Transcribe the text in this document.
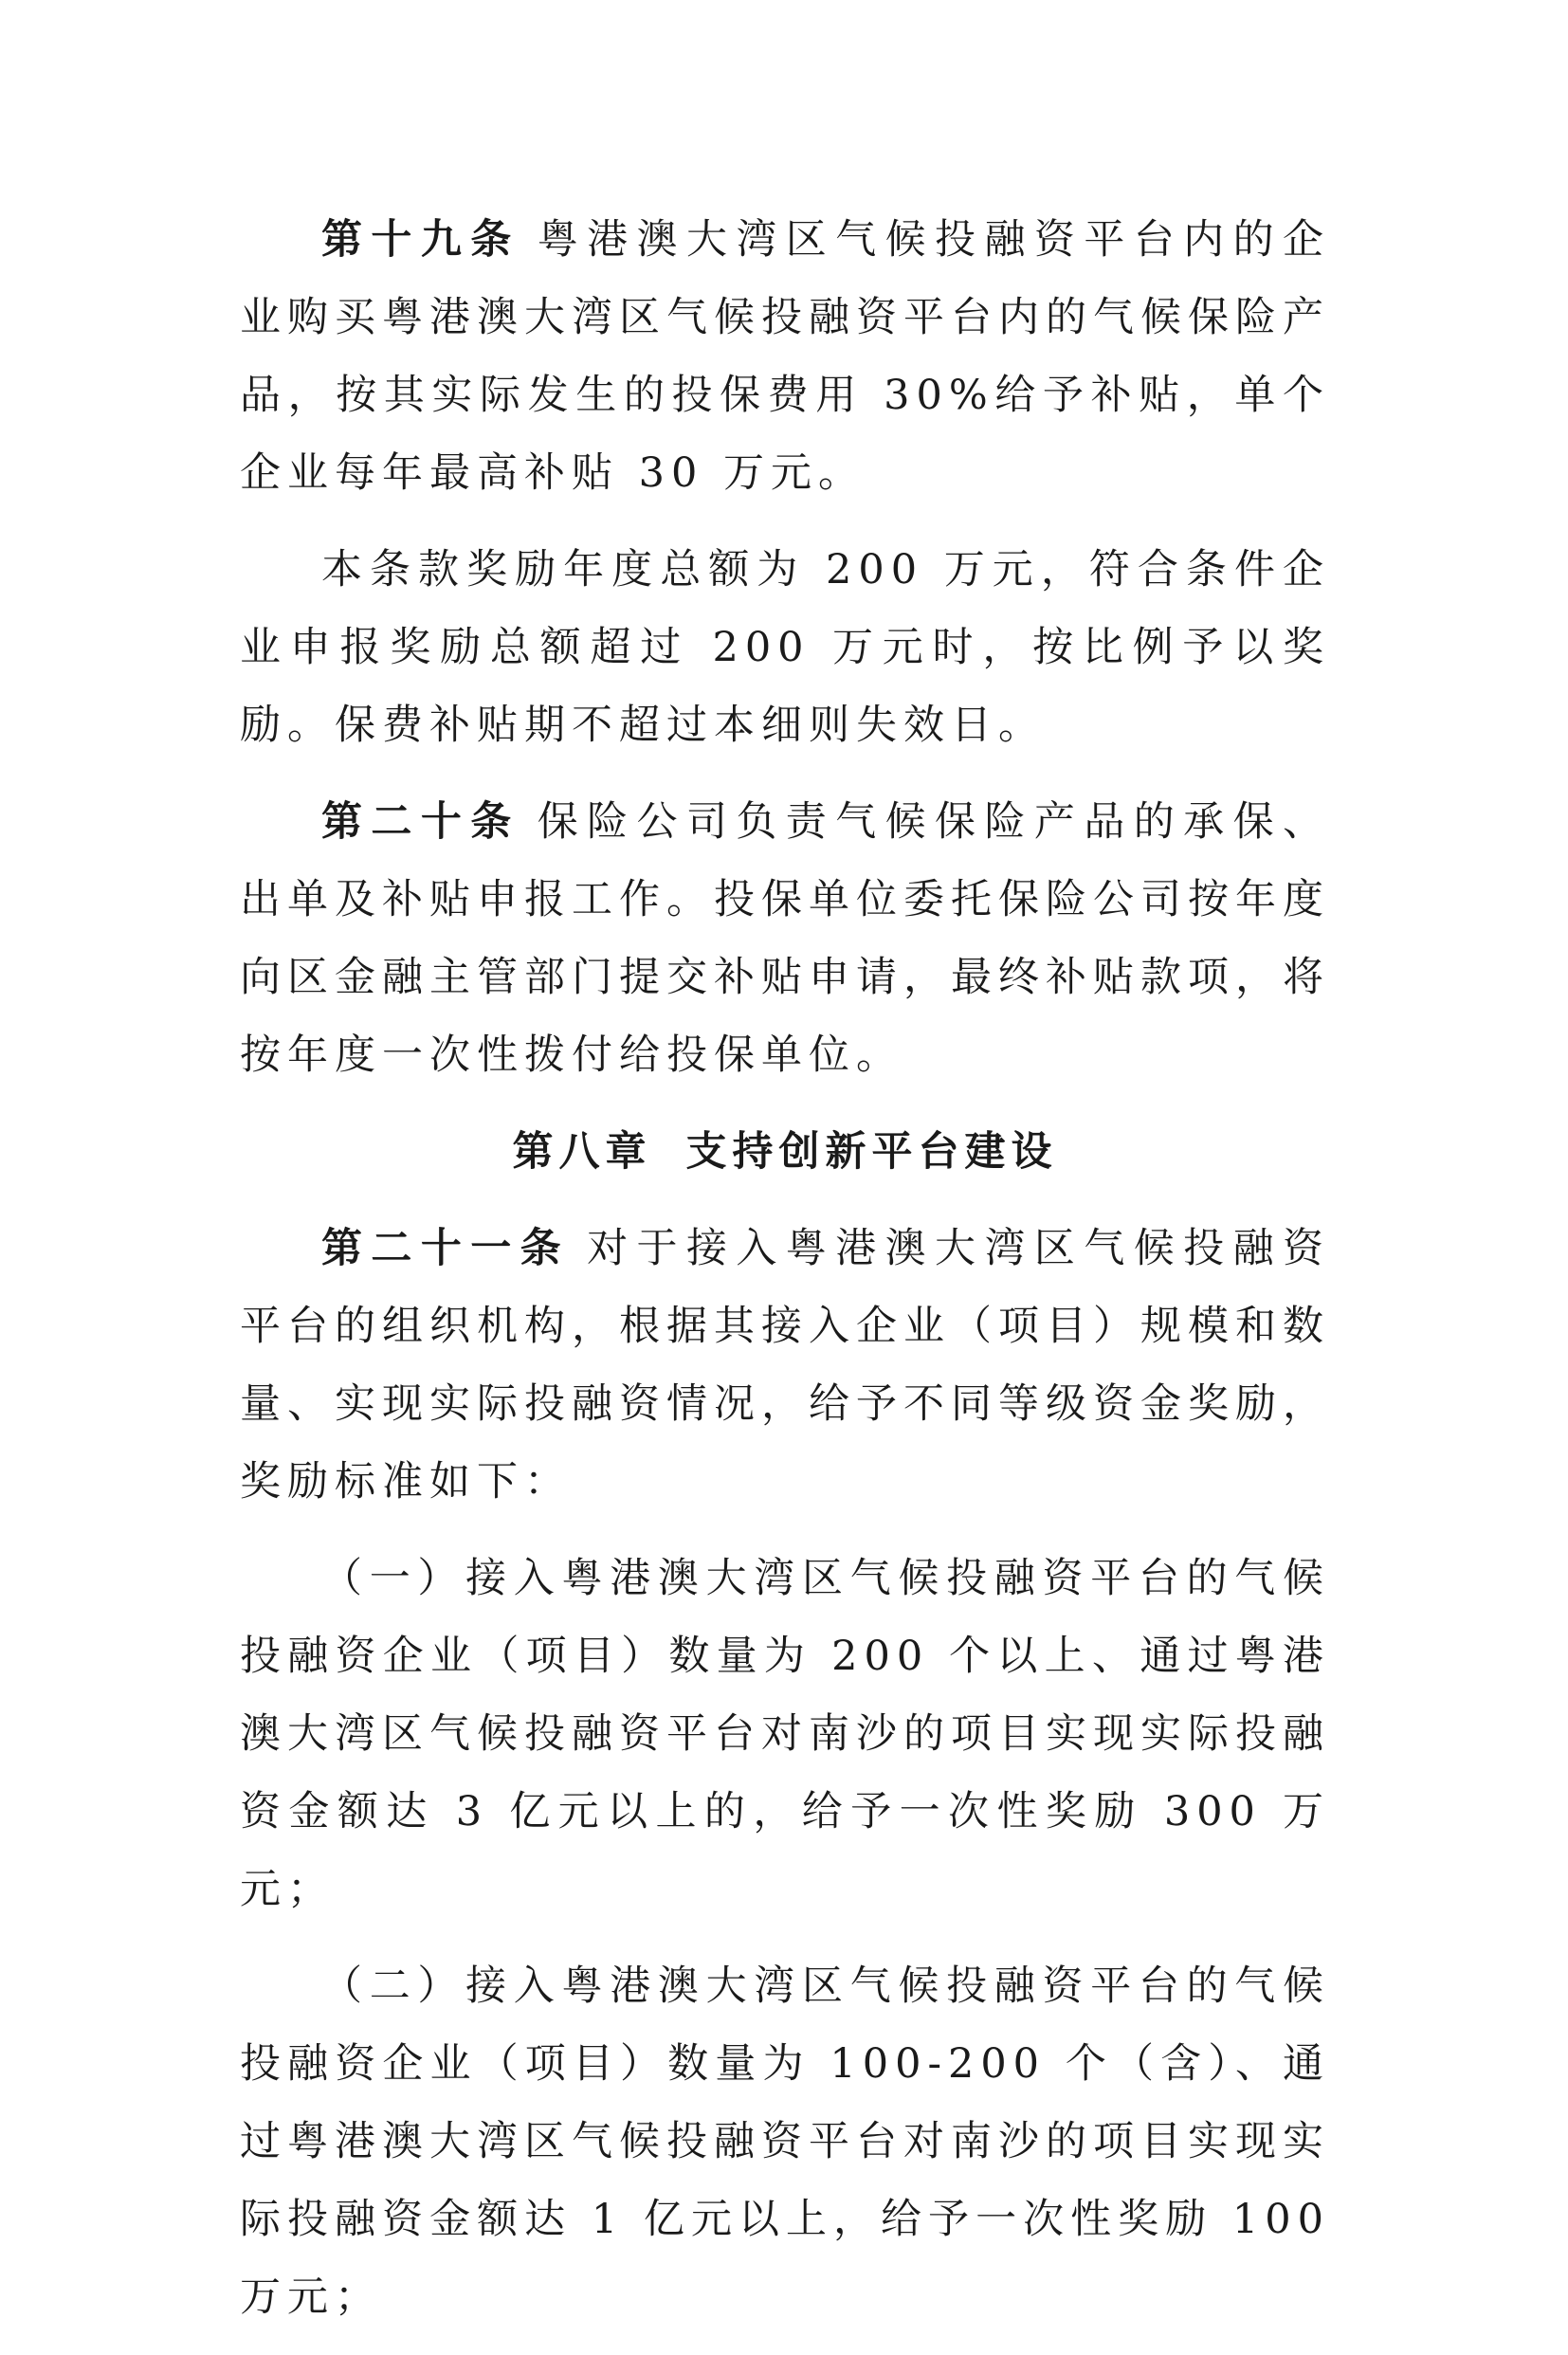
第十九条 粤港澳大湾区气候投融资平台内的企业购买粤港澳大湾区气候投融资平台内的气候保险产品，按其实际发生的投保费用 30%给予补贴，单个企业每年最高补贴 30 万元。

本条款奖励年度总额为 200 万元，符合条件企业申报奖励总额超过 200 万元时，按比例予以奖励。保费补贴期不超过本细则失效日。

第二十条 保险公司负责气候保险产品的承保、出单及补贴申报工作。投保单位委托保险公司按年度向区金融主管部门提交补贴申请，最终补贴款项，将按年度一次性拨付给投保单位。

第八章 支持创新平台建设

第二十一条 对于接入粤港澳大湾区气候投融资平台的组织机构，根据其接入企业（项目）规模和数量、实现实际投融资情况，给予不同等级资金奖励，奖励标准如下：

（一）接入粤港澳大湾区气候投融资平台的气候投融资企业（项目）数量为 200 个以上、通过粤港澳大湾区气候投融资平台对南沙的项目实现实际投融资金额达 3 亿元以上的，给予一次性奖励 300 万元；

（二）接入粤港澳大湾区气候投融资平台的气候投融资企业（项目）数量为 100-200 个（含）、通过粤港澳大湾区气候投融资平台对南沙的项目实现实际投融资金额达 1 亿元以上，给予一次性奖励 100 万元；
